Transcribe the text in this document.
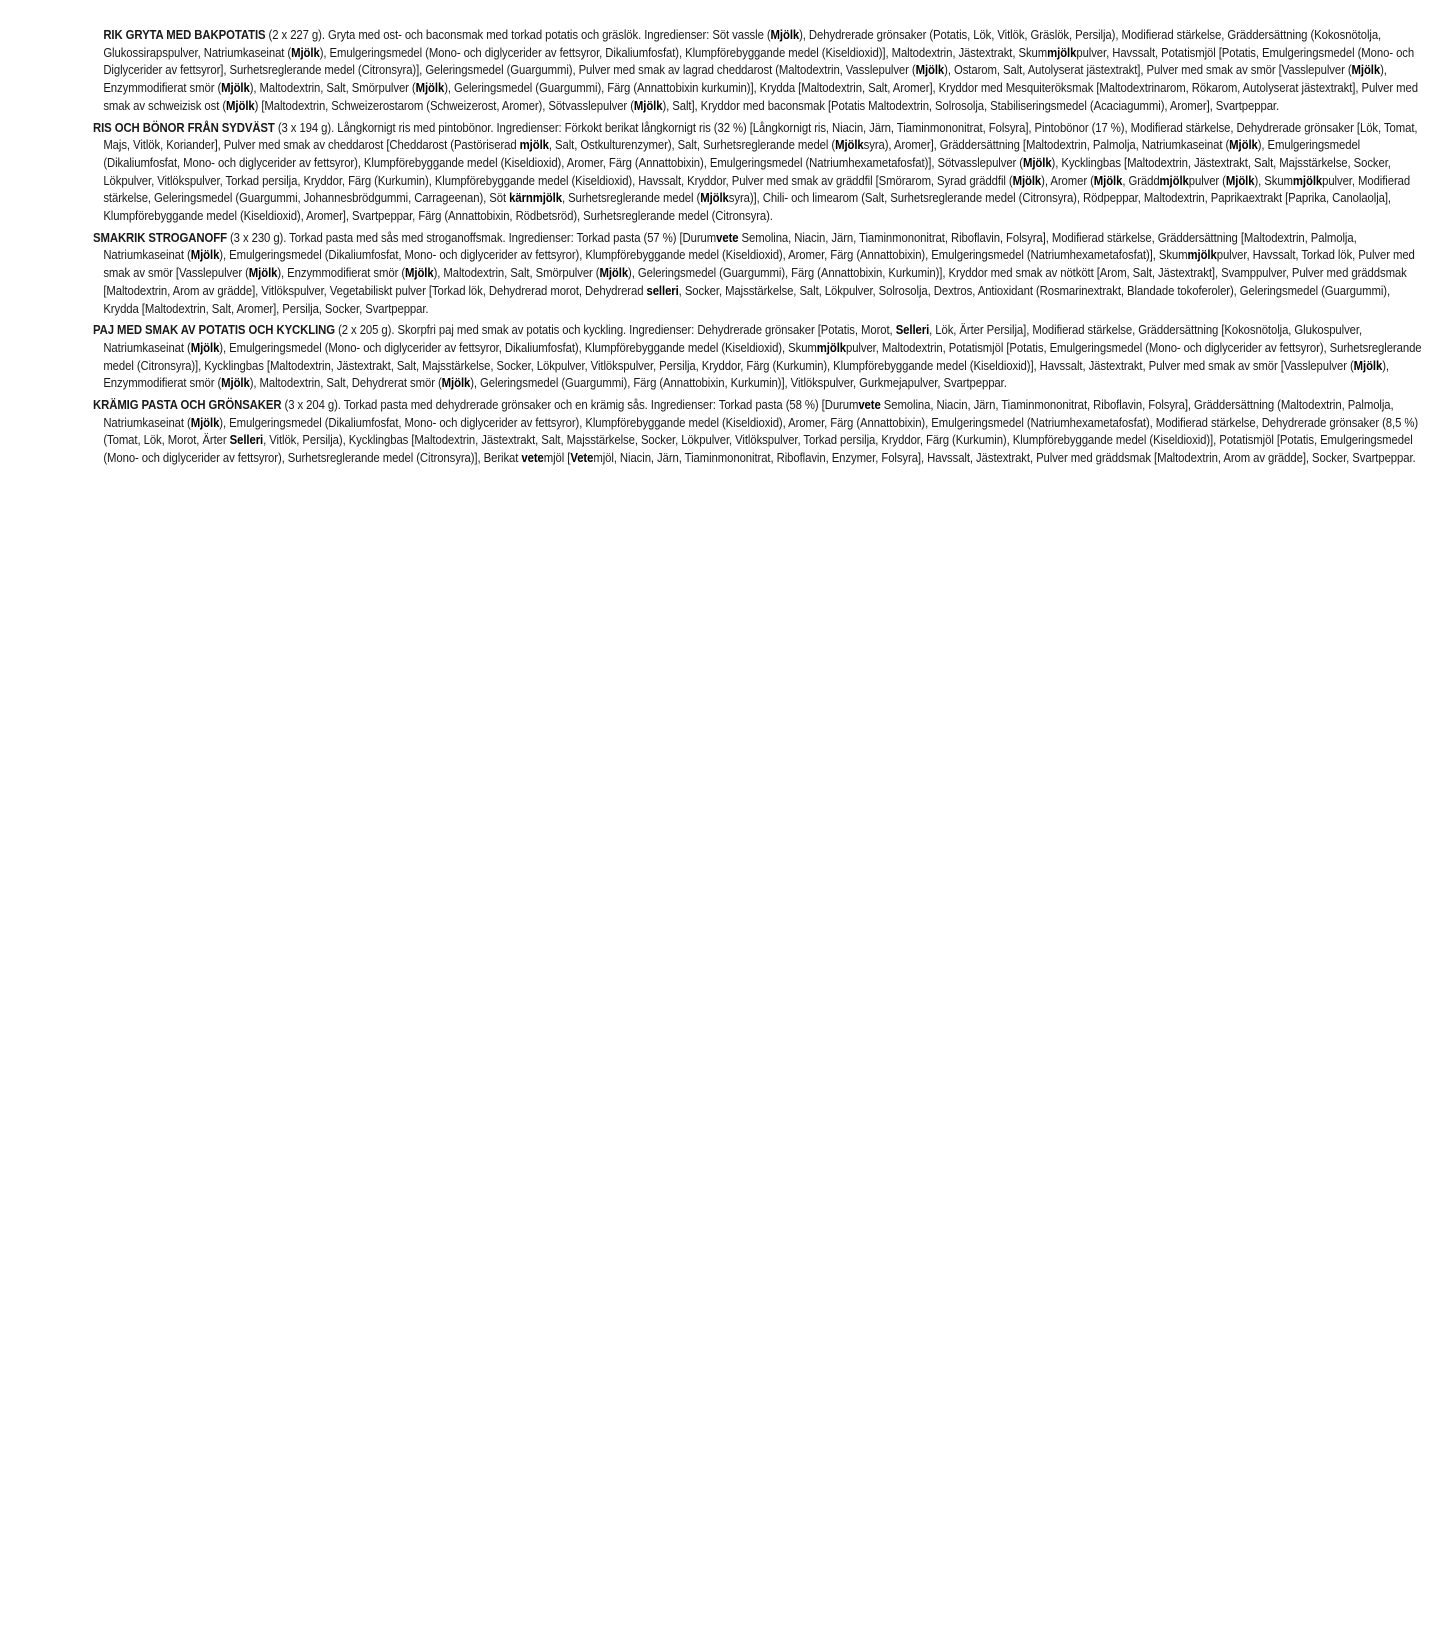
RIK GRYTA MED BAKPOTATIS (2 x 227 g). Gryta med ost- och baconsmak med torkad potatis och gräslök. Ingredienser: Söt vassle (Mjölk), Dehydrerade grönsaker (Potatis, Lök, Vitlök, Gräslök, Persilja), Modifierad stärkelse, Gräddersättning (Kokosnötolja, Glukossirapspulver, Natriumkaseinat (Mjölk), Emulgeringsmedel (Mono- och diglycerider av fettsyror, Dikaliumfosfat), Klumpförebyggande medel (Kiseldioxid)], Maltodextrin, Jästextrakt, Skummjölkpulver, Havssalt, Potatismjöl [Potatis, Emulgeringsmedel (Mono- och Diglycerider av fettsyror], Surhetsreglerande medel (Citronsyra)], Geleringsmedel (Guargummi), Pulver med smak av lagrad cheddarost (Maltodextrin, Vasslepulver (Mjölk), Ostarom, Salt, Autolyserat jästextrakt], Pulver med smak av smör [Vasslepulver (Mjölk), Enzymmodifierat smör (Mjölk), Maltodextrin, Salt, Smörpulver (Mjölk), Geleringsmedel (Guargummi), Färg (Annattobixin kurkumin)], Krydda [Maltodextrin, Salt, Aromer], Kryddor med Mesquiteröksmak [Maltodextrinarom, Rökarom, Autolyserat jästextrakt], Pulver med smak av schweizisk ost (Mjölk) [Maltodextrin, Schweizerostarom (Schweizerost, Aromer), Sötvasslepulver (Mjölk), Salt], Kryddor med baconsmak [Potatis Maltodextrin, Solrosolja, Stabiliseringsmedel (Acaciagummi), Aromer], Svartpeppar.

RIS OCH BÖNOR FRÅN SYDVÄST (3 x 194 g). Långkornigt ris med pintobönor. Ingredienser: Förkokt berikat långkornigt ris (32 %) [Långkornigt ris, Niacin, Järn, Tiaminmononitrat, Folsyra], Pintobönor (17 %), Modifierad stärkelse, Dehydrerade grönsaker [Lök, Tomat, Majs, Vitlök, Koriander], Pulver med smak av cheddarost [Cheddarost (Pastöriserad mjölk, Salt, Ostkulturenzymer), Salt, Surhetsreglerande medel (Mjölksyra), Aromer], Gräddersättning [Maltodextrin, Palmolja, Natriumkaseinat (Mjölk), Emulgeringsmedel (Dikaliumfosfat, Mono- och diglycerider av fettsyror), Klumpförebyggande medel (Kiseldioxid), Aromer, Färg (Annattobixin), Emulgeringsmedel (Natriumhexametafosfat)], Sötvasslepulver (Mjölk), Kycklingbas [Maltodextrin, Jästextrakt, Salt, Majsstärkelse, Socker, Lökpulver, Vitlökspulver, Torkad persilja, Kryddor, Färg (Kurkumin), Klumpförebyggande medel (Kiseldioxid), Havssalt, Kryddor, Pulver med smak av gräddfil [Smörarom, Syrad gräddfil (Mjölk), Aromer (Mjölk, Gräddmjölkpulver (Mjölk), Skummjölkpulver, Modifierad stärkelse, Geleringsmedel (Guargummi, Johannesbrödgummi, Carrageenan), Söt kärnmjölk, Surhetsreglerande medel (Mjölksyra)], Chili- och limearom (Salt, Surhetsreglerande medel (Citronsyra), Rödpeppar, Maltodextrin, Paprikaextrakt [Paprika, Canolaolja], Klumpförebyggande medel (Kiseldioxid), Aromer], Svartpeppar, Färg (Annattobixin, Rödbetsröd), Surhetsreglerande medel (Citronsyra).

SMAKRIK STROGANOFF (3 x 230 g). Torkad pasta med sås med stroganoffsmak. Ingredienser: Torkad pasta (57 %) [Durumvete Semolina, Niacin, Järn, Tiaminmononitrat, Riboflavin, Folsyra], Modifierad stärkelse, Gräddersättning [Maltodextrin, Palmolja, Natriumkaseinat (Mjölk), Emulgeringsmedel (Dikaliumfosfat, Mono- och diglycerider av fettsyror), Klumpförebyggande medel (Kiseldioxid), Aromer, Färg (Annattobixin), Emulgeringsmedel (Natriumhexametafosfat)], Skummjölkpulver, Havssalt, Torkad lök, Pulver med smak av smör [Vasslepulver (Mjölk), Enzymmodifierat smör (Mjölk), Maltodextrin, Salt, Smörpulver (Mjölk), Geleringsmedel (Guargummi), Färg (Annattobixin, Kurkumin)], Kryddor med smak av nötkött [Arom, Salt, Jästextrakt], Svamppulver, Pulver med gräddsmak [Maltodextrin, Arom av grädde], Vitlökspulver, Vegetabiliskt pulver [Torkad lök, Dehydrerad morot, Dehydrerad selleri, Socker, Majsstärkelse, Salt, Lökpulver, Solrosolja, Dextros, Antioxidant (Rosmarinextrakt, Blandade tokoferoler), Geleringsmedel (Guargummi), Krydda [Maltodextrin, Salt, Aromer], Persilja, Socker, Svartpeppar.

PAJ MED SMAK AV POTATIS OCH KYCKLING (2 x 205 g). Skorpfri paj med smak av potatis och kyckling. Ingredienser: Dehydrerade grönsaker [Potatis, Morot, Selleri, Lök, Ärter Persilja], Modifierad stärkelse, Gräddersättning [Kokosnötolja, Glukospulver, Natriumkaseinat (Mjölk), Emulgeringsmedel (Mono- och diglycerider av fettsyror, Dikaliumfosfat), Klumpförebyggande medel (Kiseldioxid), Skummjölkpulver, Maltodextrin, Potatismjöl [Potatis, Emulgeringsmedel (Mono- och diglycerider av fettsyror), Surhetsreglerande medel (Citronsyra)], Kycklingbas [Maltodextrin, Jästextrakt, Salt, Majsstärkelse, Socker, Lökpulver, Vitlökspulver, Persilja, Kryddor, Färg (Kurkumin), Klumpförebyggande medel (Kiseldioxid)], Havssalt, Jästextrakt, Pulver med smak av smör [Vasslepulver (Mjölk), Enzymmodifierat smör (Mjölk), Maltodextrin, Salt, Dehydrerat smör (Mjölk), Geleringsmedel (Guargummi), Färg (Annattobixin, Kurkumin)], Vitlökspulver, Gurkmejapulver, Svartpeppar.

KRÄMIG PASTA OCH GRÖNSAKER (3 x 204 g). Torkad pasta med dehydrerade grönsaker och en krämig sås. Ingredienser: Torkad pasta (58 %) [Durumvete Semolina, Niacin, Järn, Tiaminmononitrat, Riboflavin, Folsyra], Gräddersättning (Maltodextrin, Palmolja, Natriumkaseinat (Mjölk), Emulgeringsmedel (Dikaliumfosfat, Mono- och diglycerider av fettsyror), Klumpförebyggande medel (Kiseldioxid), Aromer, Färg (Annattobixin), Emulgeringsmedel (Natriumhexametafosfat), Modifierad stärkelse, Dehydrerade grönsaker (8,5 %) (Tomat, Lök, Morot, Ärter Selleri, Vitlök, Persilja), Kycklingbas [Maltodextrin, Jästextrakt, Salt, Majsstärkelse, Socker, Lökpulver, Vitlökspulver, Torkad persilja, Kryddor, Färg (Kurkumin), Klumpförebyggande medel (Kiseldioxid)], Potatismjöl [Potatis, Emulgeringsmedel (Mono- och diglycerider av fettsyror), Surhetsreglerande medel (Citronsyra)], Berikat vetemjöl [Vetemjöl, Niacin, Järn, Tiaminmononitrat, Riboflavin, Enzymer, Folsyra], Havssalt, Jästextrakt, Pulver med gräddsmak [Maltodextrin, Arom av grädde], Socker, Svartpeppar.
